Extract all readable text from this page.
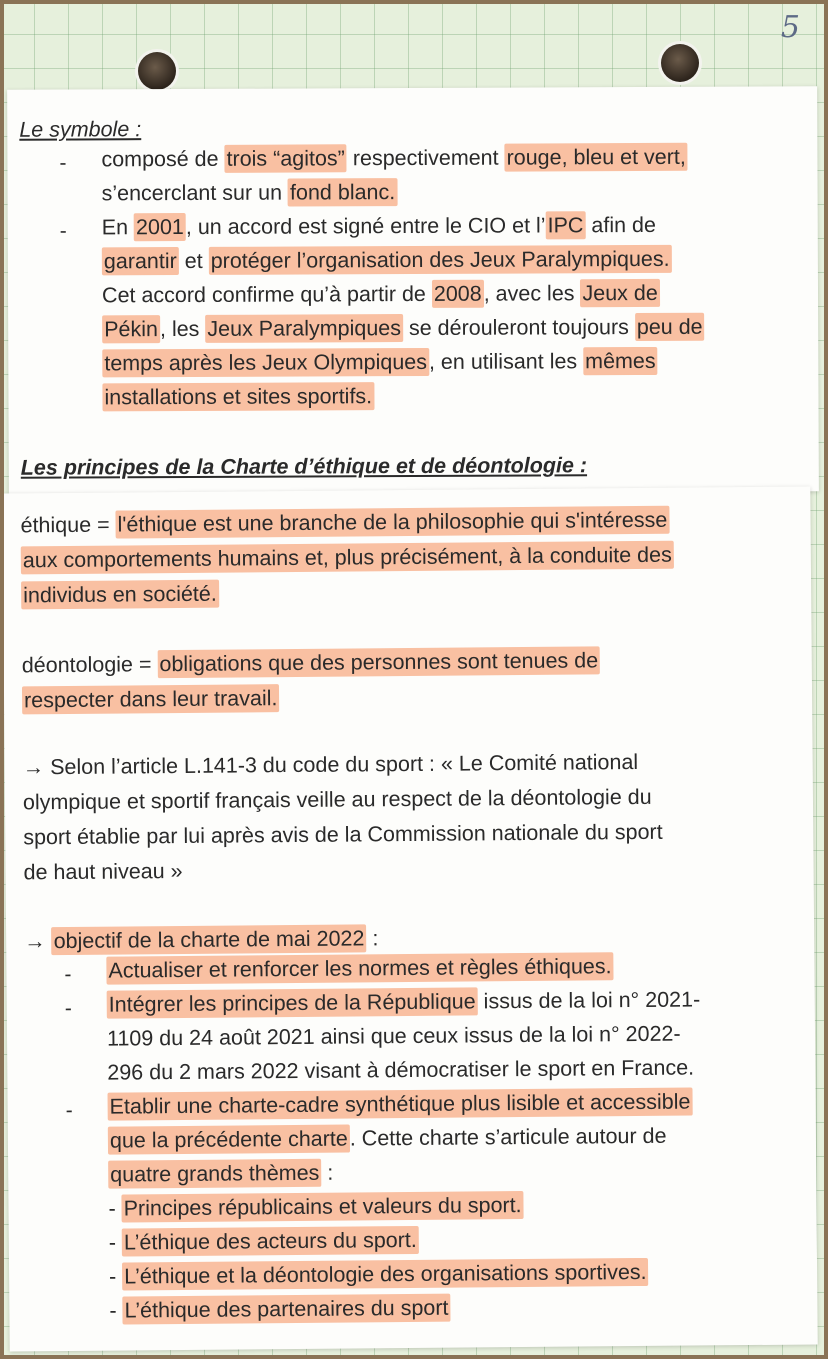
5
Le symbole :
- composé de trois “agitos” respectivement rouge, bleu et vert,
s’encerclant sur un fond blanc.
- En 2001, un accord est signé entre le CIO et l’IPC afin de
garantir et protéger l’organisation des Jeux Paralympiques.
Cet accord confirme qu’à partir de 2008, avec les Jeux de
Pékin, les Jeux Paralympiques se dérouleront toujours peu de
temps après les Jeux Olympiques, en utilisant les mêmes
installations et sites sportifs.
Les principes de la Charte d’éthique et de déontologie :
éthique = l'éthique est une branche de la philosophie qui s'intéresse
aux comportements humains et, plus précisément, à la conduite des
individus en société.
déontologie = obligations que des personnes sont tenues de
respecter dans leur travail.
→ Selon l’article L.141-3 du code du sport : « Le Comité national
olympique et sportif français veille au respect de la déontologie du
sport établie par lui après avis de la Commission nationale du sport
de haut niveau »
→ objectif de la charte de mai 2022 :
- Actualiser et renforcer les normes et règles éthiques.
- Intégrer les principes de la République issus de la loi n° 2021-
1109 du 24 août 2021 ainsi que ceux issus de la loi n° 2022-
296 du 2 mars 2022 visant à démocratiser le sport en France.
- Etablir une charte-cadre synthétique plus lisible et accessible
que la précédente charte. Cette charte s’articule autour de
quatre grands thèmes :
- Principes républicains et valeurs du sport.
- L’éthique des acteurs du sport.
- L’éthique et la déontologie des organisations sportives.
- L’éthique des partenaires du sport
